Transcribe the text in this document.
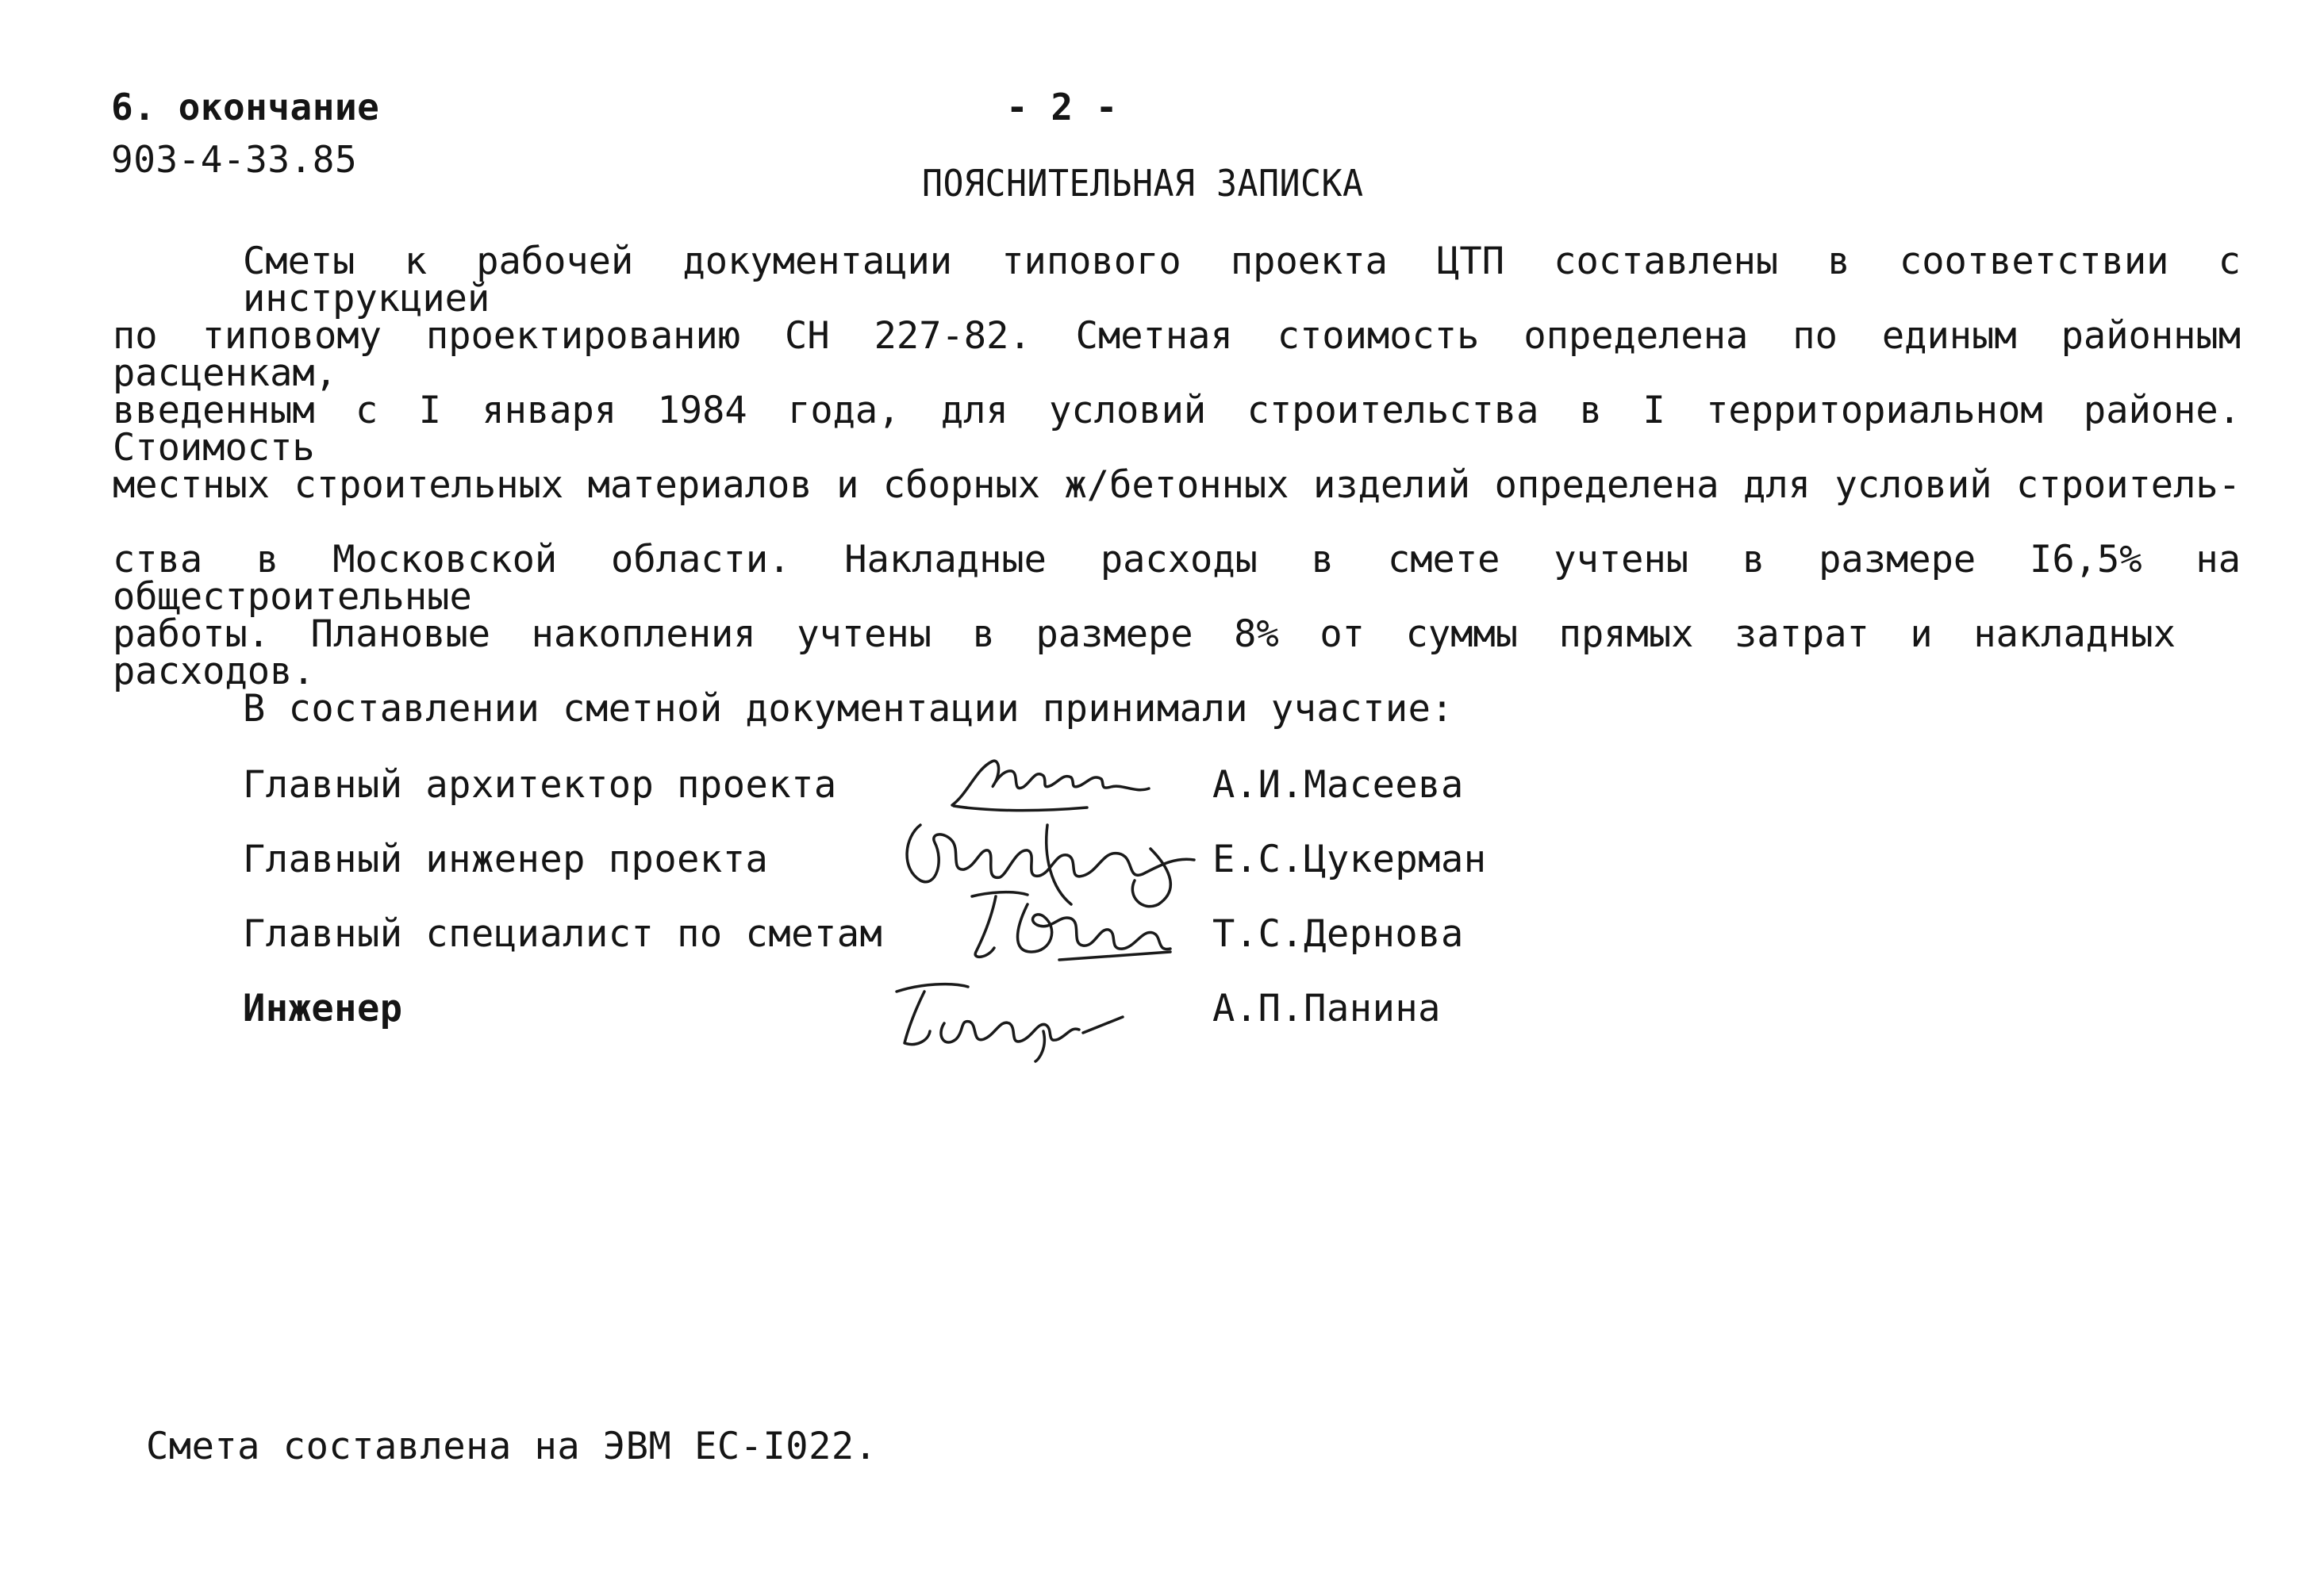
6. окончание
903-4-33.85
- 2 -
ПОЯСНИТЕЛЬНАЯ ЗАПИСКА
Сметы к рабочей документации типового проекта ЦТП составлены в соответствии с инструкцией
по типовому проектированию СН 227-82. Сметная стоимость определена по единым районным расценкам,
введенным с I января 1984 года, для условий строительства в I территориальном районе. Стоимость
местных строительных материалов и сборных ж/бетонных изделий определена для условий строитель-
ства в Московской области. Накладные расходы в смете учтены в размере I6,5% на общестроительные
работы. Плановые накопления учтены в размере 8% от суммы прямых затрат и накладных расходов.
В составлении сметной документации принимали участие:
Главный архитектор проекта
Главный инженер проекта
Главный специалист по сметам
Инженер
А.И.Масеева
Е.С.Цукерман
Т.С.Дернова
А.П.Панина
Смета составлена на ЭВМ ЕС-I022.
